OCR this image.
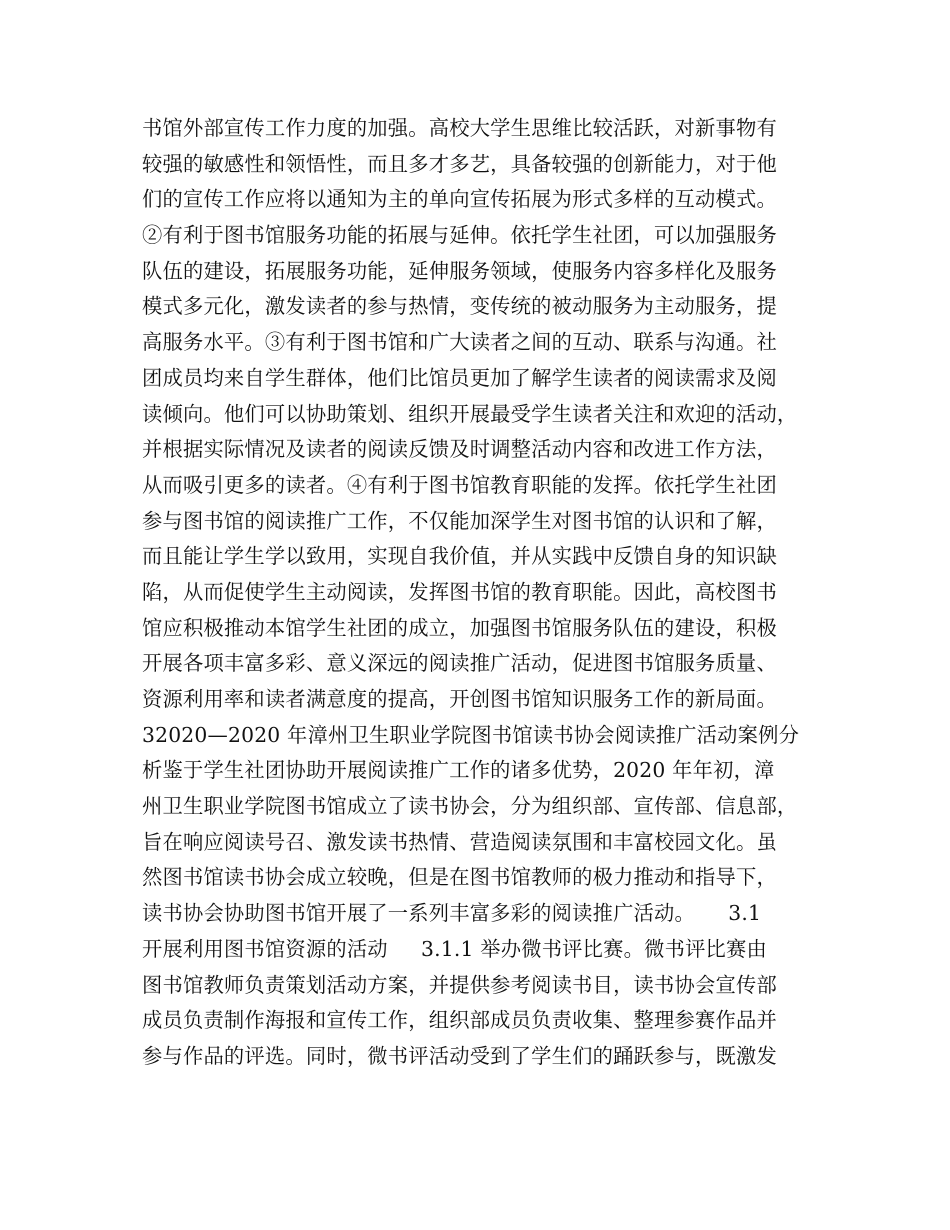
书馆外部宣传工作力度的加强。高校大学生思维比较活跃，对新事物有
较强的敏感性和领悟性，而且多才多艺，具备较强的创新能力，对于他
们的宣传工作应将以通知为主的单向宣传拓展为形式多样的互动模式。
②有利于图书馆服务功能的拓展与延伸。依托学生社团，可以加强服务
队伍的建设，拓展服务功能，延伸服务领域，使服务内容多样化及服务
模式多元化，激发读者的参与热情，变传统的被动服务为主动服务，提
高服务水平。③有利于图书馆和广大读者之间的互动、联系与沟通。社
团成员均来自学生群体，他们比馆员更加了解学生读者的阅读需求及阅
读倾向。他们可以协助策划、组织开展最受学生读者关注和欢迎的活动，
并根据实际情况及读者的阅读反馈及时调整活动内容和改进工作方法，
从而吸引更多的读者。④有利于图书馆教育职能的发挥。依托学生社团
参与图书馆的阅读推广工作，不仅能加深学生对图书馆的认识和了解，
而且能让学生学以致用，实现自我价值，并从实践中反馈自身的知识缺
陷，从而促使学生主动阅读，发挥图书馆的教育职能。因此，高校图书
馆应积极推动本馆学生社团的成立，加强图书馆服务队伍的建设，积极
开展各项丰富多彩、意义深远的阅读推广活动，促进图书馆服务质量、
资源利用率和读者满意度的提高，开创图书馆知识服务工作的新局面。
32020—2020 年漳州卫生职业学院图书馆读书协会阅读推广活动案例分
析鉴于学生社团协助开展阅读推广工作的诸多优势，2020 年年初，漳
州卫生职业学院图书馆成立了读书协会，分为组织部、宣传部、信息部，
旨在响应阅读号召、激发读书热情、营造阅读氛围和丰富校园文化。虽
然图书馆读书协会成立较晚，但是在图书馆教师的极力推动和指导下，
读书协会协助图书馆开展了一系列丰富多彩的阅读推广活动。     3.1
开展利用图书馆资源的活动     3.1.1 举办微书评比赛。微书评比赛由
图书馆教师负责策划活动方案，并提供参考阅读书目，读书协会宣传部
成员负责制作海报和宣传工作，组织部成员负责收集、整理参赛作品并
参与作品的评选。同时，微书评活动受到了学生们的踊跃参与，既激发
